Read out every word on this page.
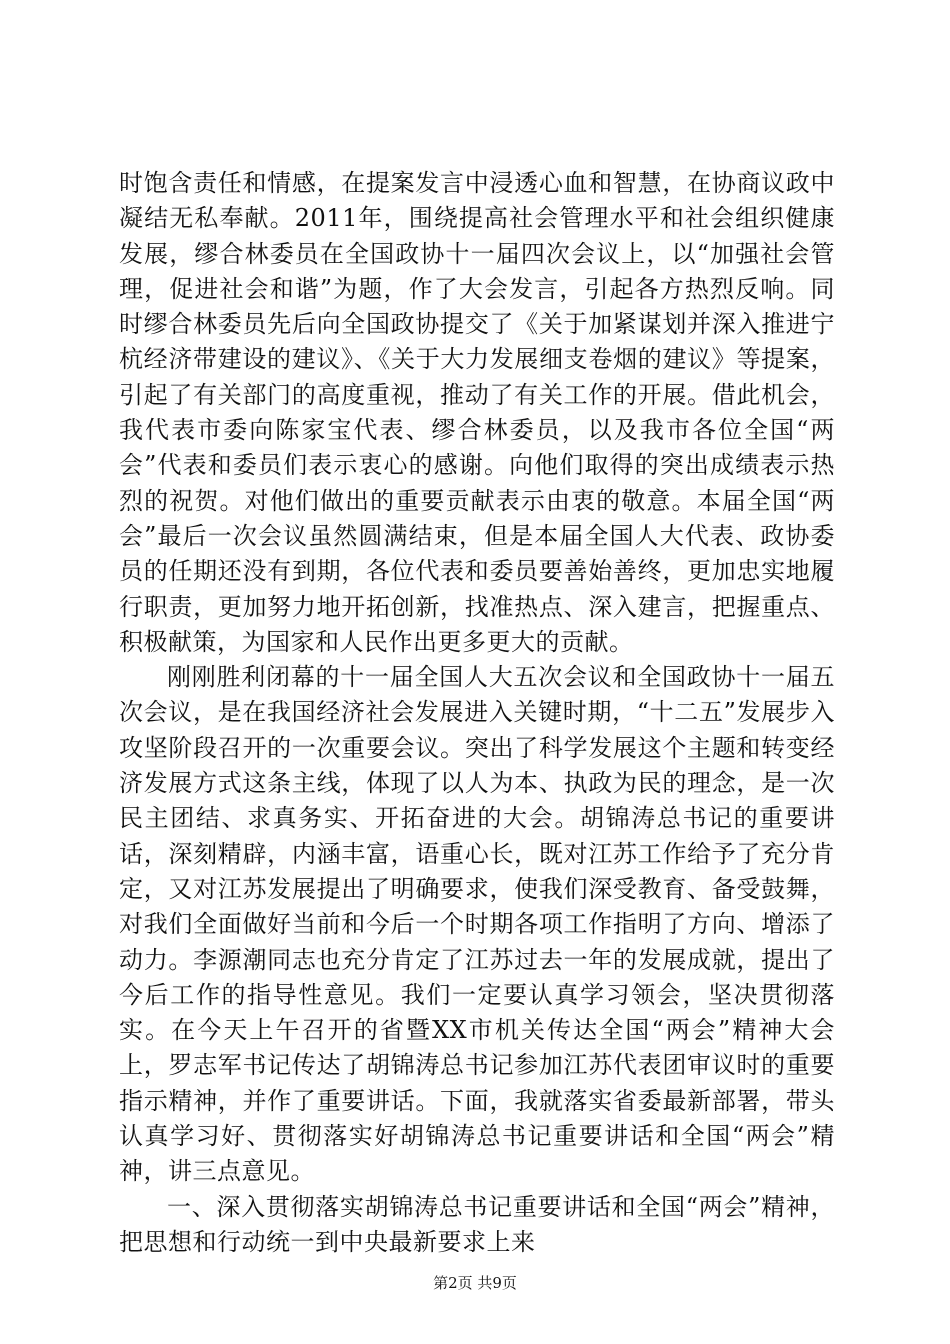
时饱含责任和情感，在提案发言中浸透心血和智慧，在协商议政中凝结无私奉献。2011年，围绕提高社会管理水平和社会组织健康发展，缪合林委员在全国政协十一届四次会议上，以“加强社会管理，促进社会和谐”为题，作了大会发言，引起各方热烈反响。同时缪合林委员先后向全国政协提交了《关于加紧谋划并深入推进宁杭经济带建设的建议》、《关于大力发展细支卷烟的建议》等提案，引起了有关部门的高度重视，推动了有关工作的开展。借此机会，我代表市委向陈家宝代表、缪合林委员，以及我市各位全国“两会”代表和委员们表示衷心的感谢。向他们取得的突出成绩表示热烈的祝贺。对他们做出的重要贡献表示由衷的敬意。本届全国“两会”最后一次会议虽然圆满结束，但是本届全国人大代表、政协委员的任期还没有到期，各位代表和委员要善始善终，更加忠实地履行职责，更加努力地开拓创新，找准热点、深入建言，把握重点、积极献策，为国家和人民作出更多更大的贡献。

刚刚胜利闭幕的十一届全国人大五次会议和全国政协十一届五次会议，是在我国经济社会发展进入关键时期，“十二五”发展步入攻坚阶段召开的一次重要会议。突出了科学发展这个主题和转变经济发展方式这条主线，体现了以人为本、执政为民的理念，是一次民主团结、求真务实、开拓奋进的大会。胡锦涛总书记的重要讲话，深刻精辟，内涵丰富，语重心长，既对江苏工作给予了充分肯定，又对江苏发展提出了明确要求，使我们深受教育、备受鼓舞，对我们全面做好当前和今后一个时期各项工作指明了方向、增添了动力。李源潮同志也充分肯定了江苏过去一年的发展成就，提出了今后工作的指导性意见。我们一定要认真学习领会，坚决贯彻落实。在今天上午召开的省暨XX市机关传达全国“两会”精神大会上，罗志军书记传达了胡锦涛总书记参加江苏代表团审议时的重要指示精神，并作了重要讲话。下面，我就落实省委最新部署，带头认真学习好、贯彻落实好胡锦涛总书记重要讲话和全国“两会”精神，讲三点意见。

一、深入贯彻落实胡锦涛总书记重要讲话和全国“两会”精神，把思想和行动统一到中央最新要求上来

第2页 共9页
